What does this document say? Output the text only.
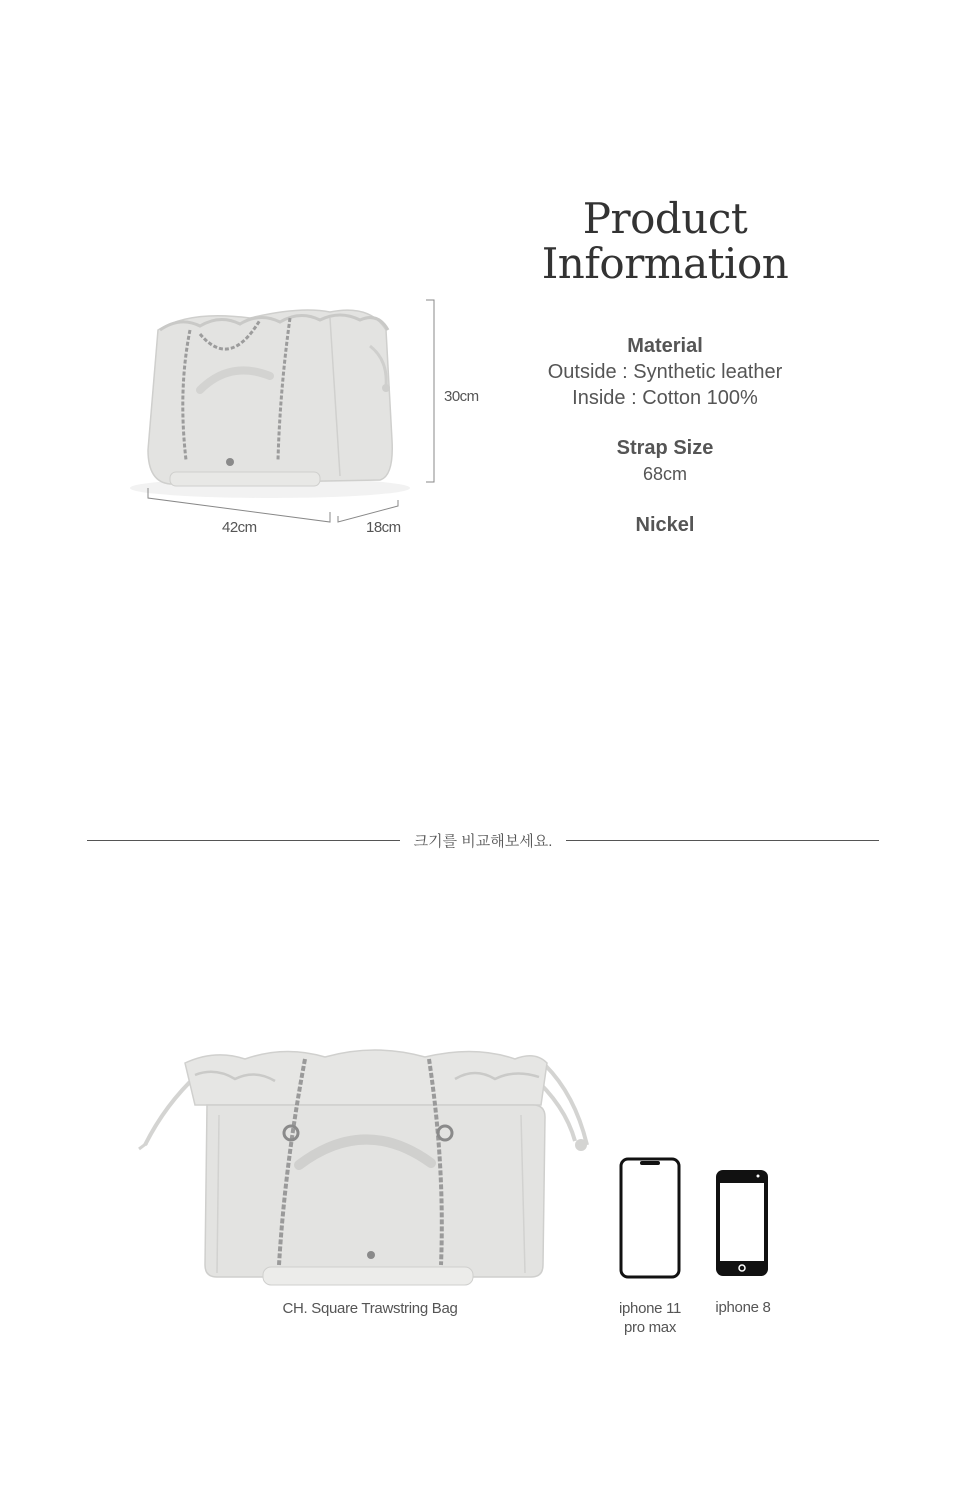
30cm
42cm	18cm
Product
Information

Material

Outside : Synthetic leather

Inside : Cotton 100%

Strap Size

68cm

Nickel

크기를 비교해보세요.
CH. Square Trawstring Bag	iphone 11
pro max
iphone 8
